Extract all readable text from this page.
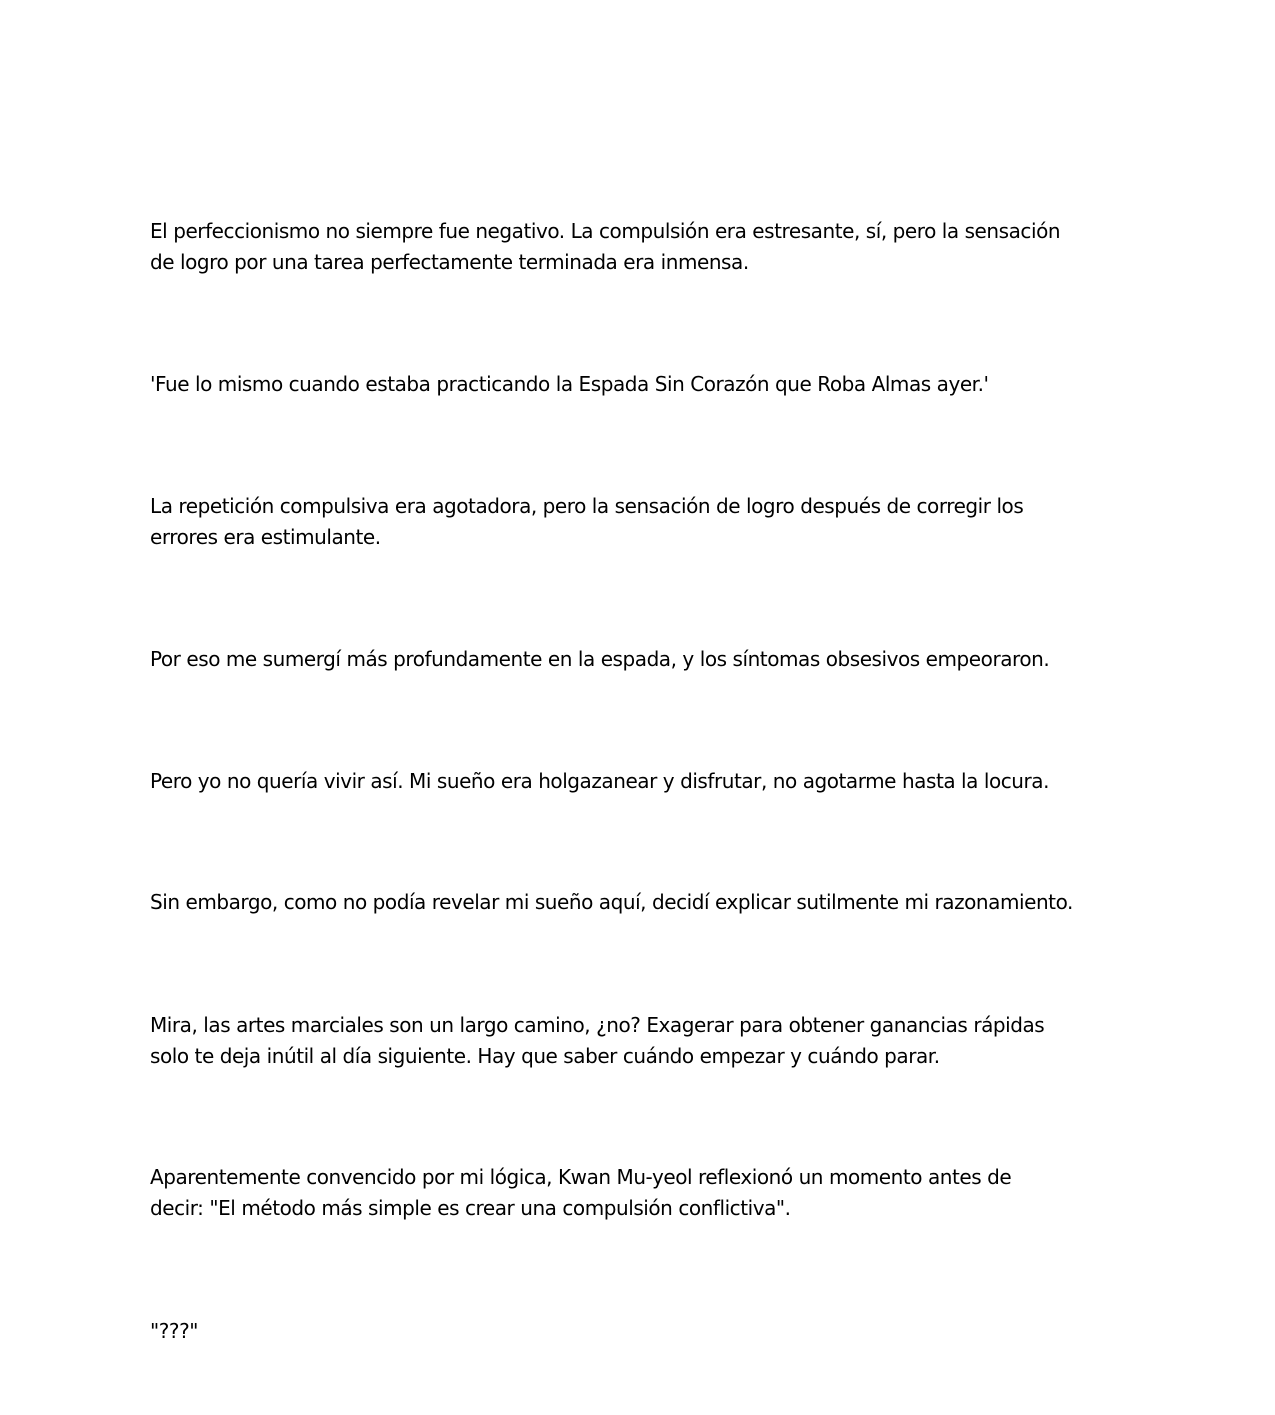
El perfeccionismo no siempre fue negativo. La compulsión era estresante, sí, pero la sensación
de logro por una tarea perfectamente terminada era inmensa.

'Fue lo mismo cuando estaba practicando la Espada Sin Corazón que Roba Almas ayer.'

La repetición compulsiva era agotadora, pero la sensación de logro después de corregir los
errores era estimulante.

Por eso me sumergí más profundamente en la espada, y los síntomas obsesivos empeoraron.

Pero yo no quería vivir así. Mi sueño era holgazanear y disfrutar, no agotarme hasta la locura.

Sin embargo, como no podía revelar mi sueño aquí, decidí explicar sutilmente mi razonamiento.

Mira, las artes marciales son un largo camino, ¿no? Exagerar para obtener ganancias rápidas
solo te deja inútil al día siguiente. Hay que saber cuándo empezar y cuándo parar.

Aparentemente convencido por mi lógica, Kwan Mu-yeol reflexionó un momento antes de
decir: "El método más simple es crear una compulsión conflictiva".

"???"
